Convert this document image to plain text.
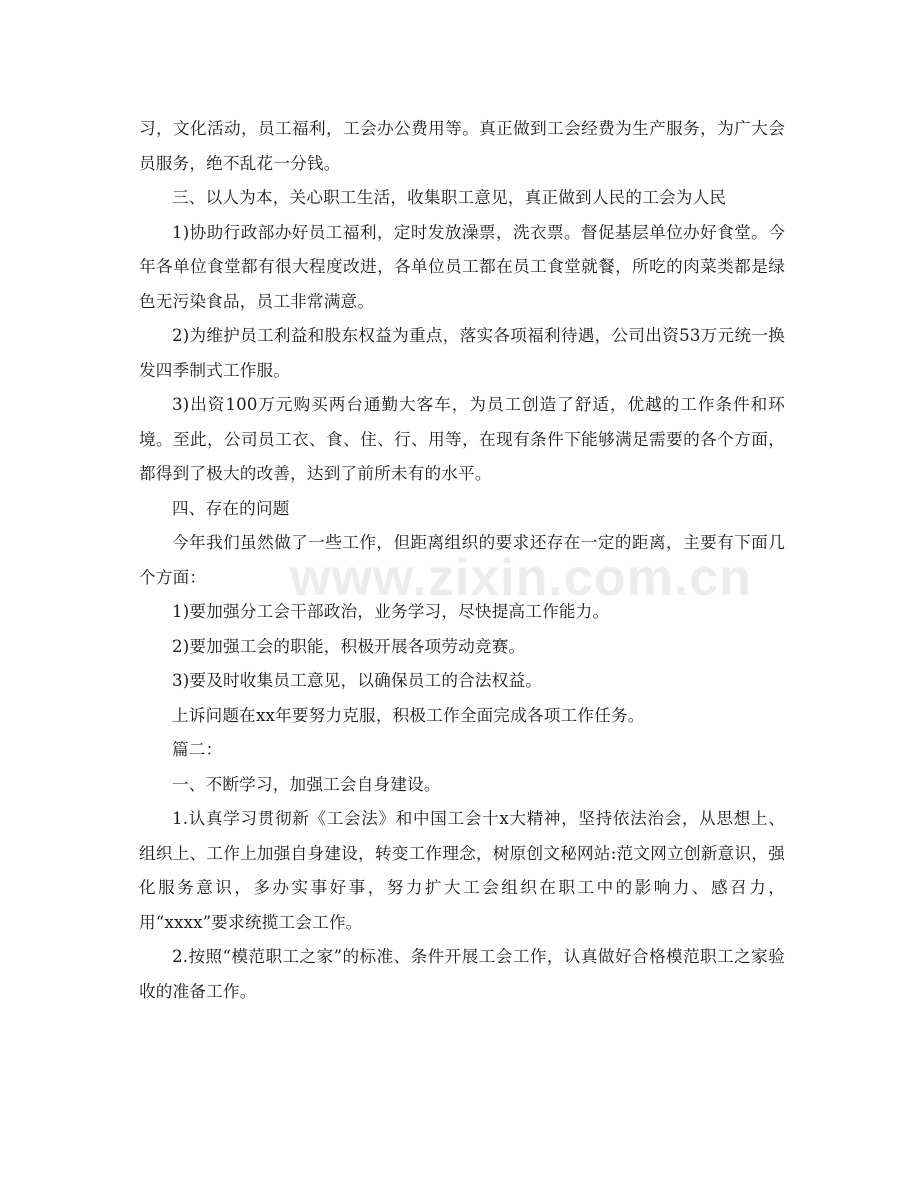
习，文化活动，员工福利，工会办公费用等。真正做到工会经费为生产服务，为广大会员服务，绝不乱花一分钱。

三、以人为本，关心职工生活，收集职工意见，真正做到人民的工会为人民

1)协助行政部办好员工福利，定时发放澡票，洗衣票。督促基层单位办好食堂。今年各单位食堂都有很大程度改进，各单位员工都在员工食堂就餐，所吃的肉菜类都是绿色无污染食品，员工非常满意。

2)为维护员工利益和股东权益为重点，落实各项福利待遇，公司出资53万元统一换发四季制式工作服。

3)出资100万元购买两台通勤大客车，为员工创造了舒适，优越的工作条件和环境。至此，公司员工衣、食、住、行、用等，在现有条件下能够满足需要的各个方面，都得到了极大的改善，达到了前所未有的水平。

四、存在的问题

今年我们虽然做了一些工作，但距离组织的要求还存在一定的距离，主要有下面几个方面：

1)要加强分工会干部政治，业务学习，尽快提高工作能力。

2)要加强工会的职能，积极开展各项劳动竞赛。

3)要及时收集员工意见，以确保员工的合法权益。

上诉问题在xx年要努力克服，积极工作全面完成各项工作任务。

篇二：

一、不断学习，加强工会自身建设。

1.认真学习贯彻新《工会法》和中国工会十x大精神，坚持依法治会，从思想上、组织上、工作上加强自身建设，转变工作理念，树原创文秘网站:范文网立创新意识，强化服务意识，多办实事好事，努力扩大工会组织在职工中的影响力、感召力，用“xxxx”要求统揽工会工作。

2.按照“模范职工之家”的标准、条件开展工会工作，认真做好合格模范职工之家验收的准备工作。

www.zixin.com.cn
